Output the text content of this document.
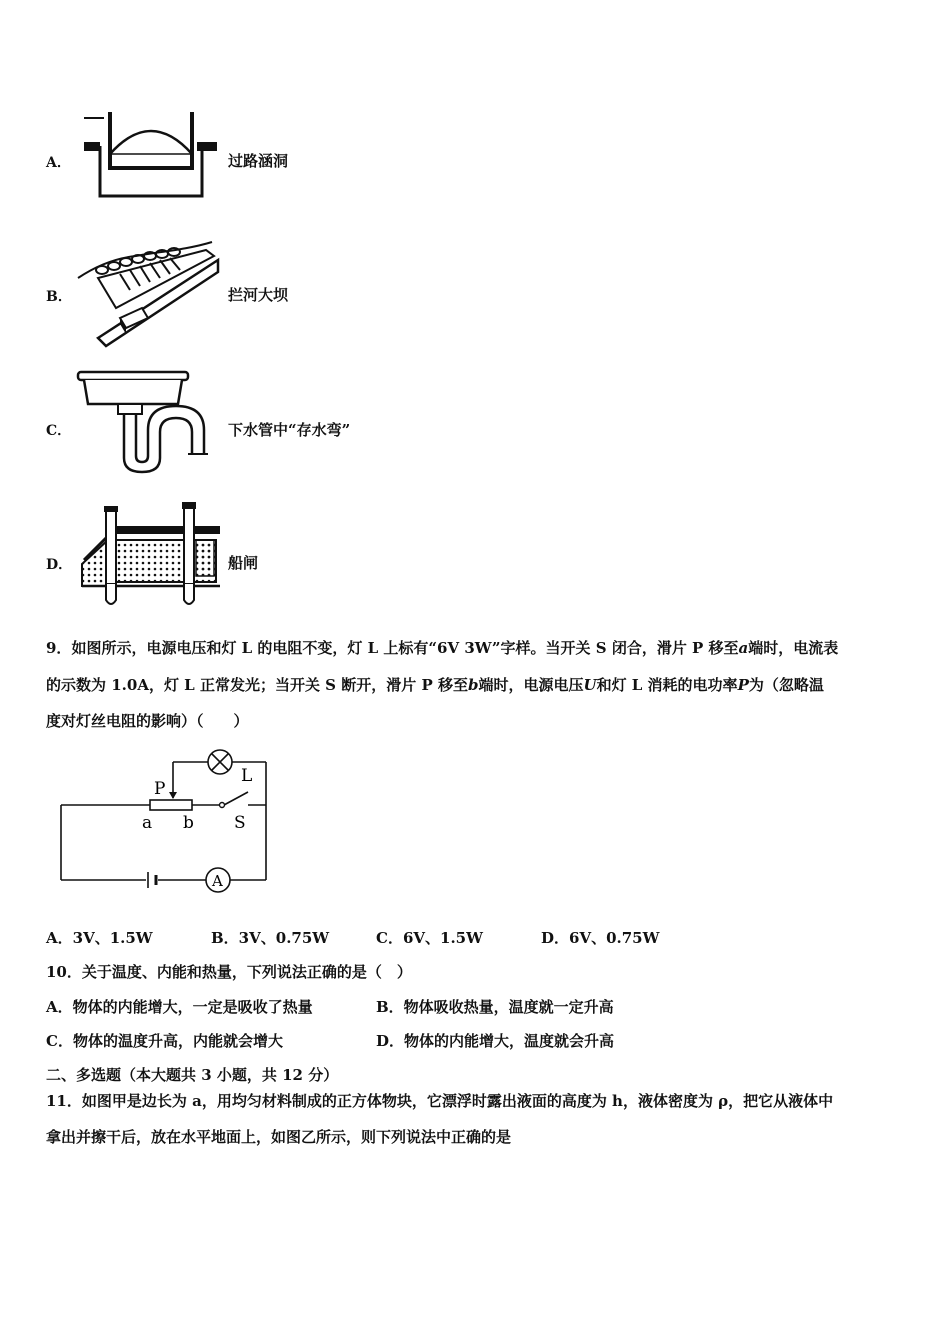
A．	过路涵洞
B．	拦河大坝
C．	下水管中“存水弯”
D．	船闸
9．如图所示，电源电压和灯 L 的电阻不变，灯 L 上标有“6V 3W”字样。当开关 S 闭合，滑片 P 移至a端时，电流表
的示数为 1.0A，灯 L 正常发光；当开关 S 断开，滑片 P 移至b端时，电源电压U和灯 L 消耗的电功率P为（忽略温
度对灯丝电阻的影响）（　　）
L
P
a b S
A
A．3V、1.5W	B．3V、0.75W	C．6V、1.5W	D．6V、0.75W
10．关于温度、内能和热量，下列说法正确的是（　）
A．物体的内能增大，一定是吸收了热量	B．物体吸收热量，温度就一定升高
C．物体的温度升高，内能就会增大	D．物体的内能增大，温度就会升高
二、多选题（本大题共 3 小题，共 12 分）
11．如图甲是边长为 a，用均匀材料制成的正方体物块，它漂浮时露出液面的高度为 h，液体密度为 ρ，把它从液体中
拿出并擦干后，放在水平地面上，如图乙所示，则下列说法中正确的是
